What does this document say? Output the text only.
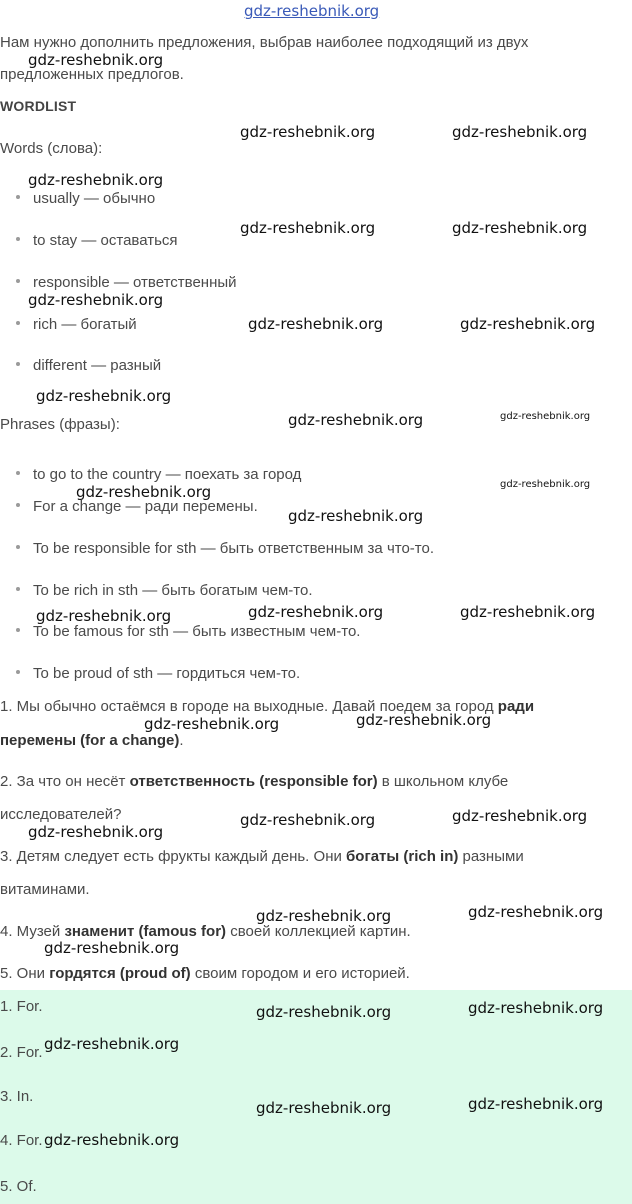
Нам нужно дополнить предложения, выбрав наиболее подходящий из двух
предложенных предлогов.
WORDLIST
Words (слова):
usually — обычно
to stay — оставаться
responsible — ответственный
rich — богатый
different — разный
Phrases (фразы):
to go to the country — поехать за город
For a change — ради перемены.
To be responsible for sth — быть ответственным за что-то.
To be rich in sth — быть богатым чем-то.
To be famous for sth — быть известным чем-то.
To be proud of sth — гордиться чем-то.
1. Мы обычно остаёмся в городе на выходные. Давай поедем за город ради
перемены (for a change).
2. За что он несёт ответственность (responsible for) в школьном клубе
исследователей?
3. Детям следует есть фрукты каждый день. Они богаты (rich in) разными
витаминами.
4. Музей знаменит (famous for) своей коллекцией картин.
5. Они гордятся (proud of) своим городом и его историей.
1. For.
2. For.
3. In.
4. For.
5. Of.
gdz-reshebnik.org
gdz-reshebnik.org
gdz-reshebnik.org	gdz-reshebnik.org
gdz-reshebnik.org
gdz-reshebnik.org	gdz-reshebnik.org
gdz-reshebnik.org
gdz-reshebnik.org	gdz-reshebnik.org
gdz-reshebnik.org
gdz-reshebnik.org	gdz-reshebnik.org
gdz-reshebnik.org	gdz-reshebnik.org
gdz-reshebnik.org
gdz-reshebnik.org	gdz-reshebnik.org	gdz-reshebnik.org
gdz-reshebnik.org	gdz-reshebnik.org
gdz-reshebnik.org	gdz-reshebnik.org
gdz-reshebnik.org
gdz-reshebnik.org	gdz-reshebnik.org
gdz-reshebnik.org
gdz-reshebnik.org	gdz-reshebnik.org
gdz-reshebnik.org
gdz-reshebnik.org	gdz-reshebnik.org
gdz-reshebnik.org
